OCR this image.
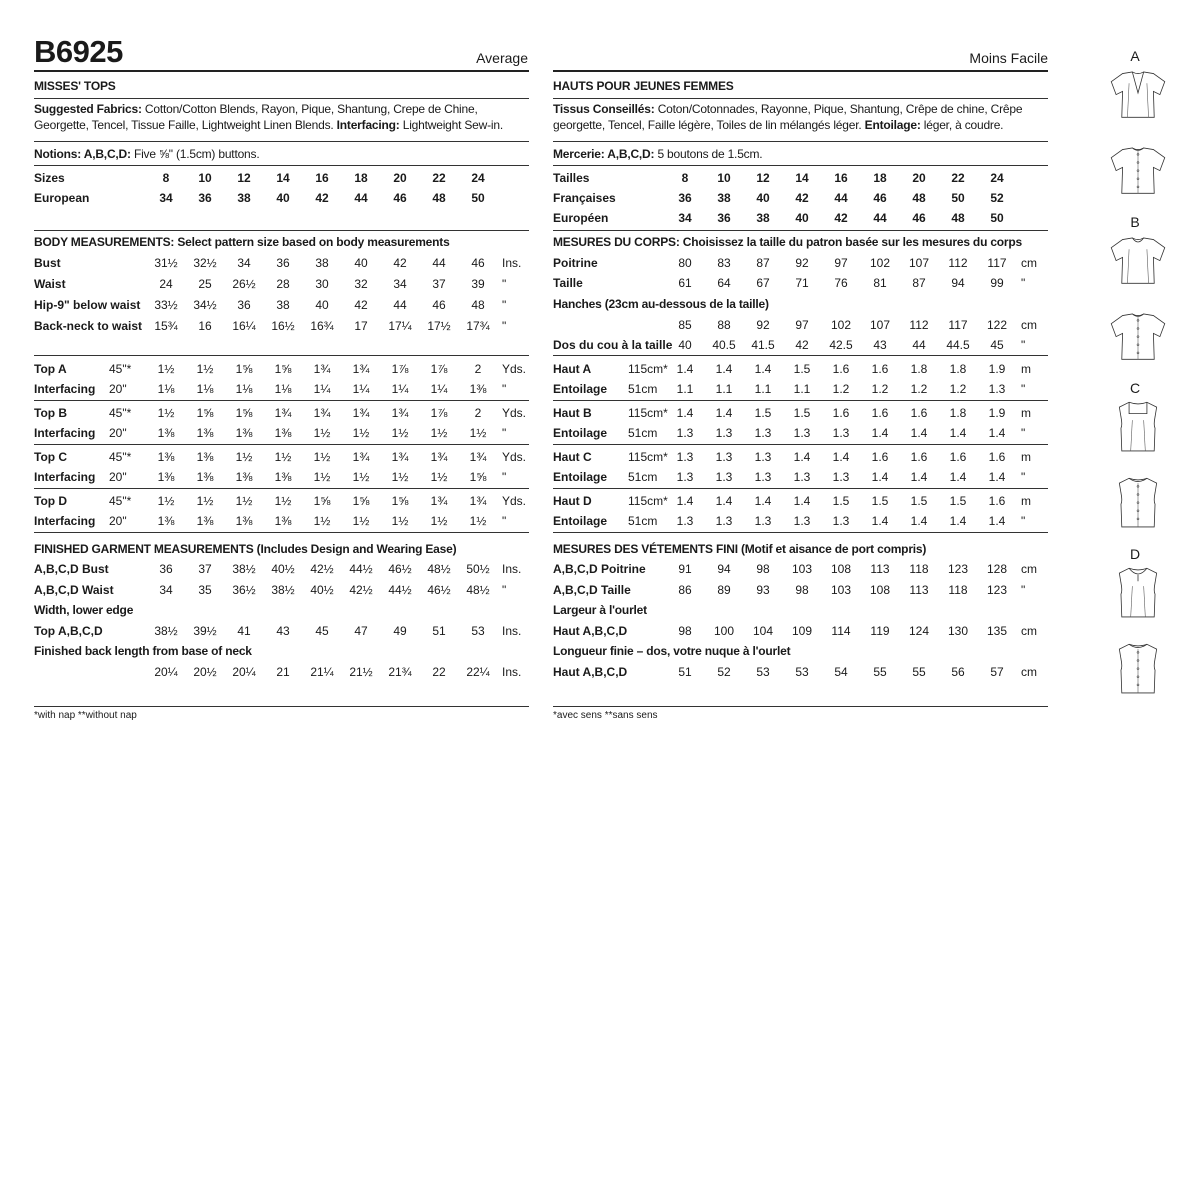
B6925	Average	Moins Facile
MISSES' TOPS
Suggested Fabrics: Cotton/Cotton Blends, Rayon, Pique, Shantung, Crepe de Chine, Georgette, Tencel, Tissue Faille, Lightweight Linen Blends. Interfacing: Lightweight Sew-in.
Notions: A,B,C,D: Five ⅝" (1.5cm) buttons.
Sizes	8	10	12	14	16	18	20	22	24
European	34	36	38	40	42	44	46	48	50
BODY MEASUREMENTS: Select pattern size based on body measurements
Bust	31½ 32½	34	36	38	40	42	44	46	Ins.
Waist	24	25	26½	28	30	32	34	37	39	"
Hip-9" below waist 33½ 34½	36	38	40	42	44	46	48	"
Back-neck to waist 15¾	16	16¼ 16½ 16¾	17	17¼ 17½ 17¾ "
Top A	45"*	1½	1½	1⅝	1⅝	1¾	1¾	1⅞	1⅞	2	Yds.
Interfacing 20"	1⅛	1⅛	1⅛	1⅛	1¼	1¼	1¼	1¼	1⅜	"
Top B	45"*	1½	1⅝	1⅝	1¾	1¾	1¾	1¾	1⅞	2	Yds.
Interfacing 20"	1⅜	1⅜	1⅜	1⅜	1½	1½	1½	1½	1½	"
Top C	45"*	1⅜	1⅜	1½	1½	1½	1¾	1¾	1¾	1¾	Yds.
Interfacing 20"	1⅜	1⅜	1⅜	1⅜	1½	1½	1½	1½	1⅝	"
Top D	45"*	1½	1½	1½	1½	1⅝	1⅝	1⅝	1¾	1¾	Yds.
Interfacing 20"	1⅜	1⅜	1⅜	1⅜	1½	1½	1½	1½	1½	"
FINISHED GARMENT MEASUREMENTS (Includes Design and Wearing Ease)
A,B,C,D Bust	36	37	38½ 40½ 42½ 44½ 46½ 48½ 50½ Ins.
A,B,C,D Waist	34	35	36½ 38½ 40½ 42½ 44½ 46½ 48½ "
Width, lower edge
Top A,B,C,D	38½ 39½	41	43	45	47	49	51	53	Ins.
Finished back length from base of neck
20¼ 20½ 20¼	21	21¼ 21½ 21¾	22	22¼ Ins.
*with nap **without nap
HAUTS POUR JEUNES FEMMES
Tissus Conseillés: Coton/Cotonnades, Rayonne, Pique, Shantung, Crêpe de chine, Crêpe georgette, Tencel, Faille légère, Toiles de lin mélangés léger. Entoilage: léger, à coudre.
Mercerie: A,B,C,D: 5 boutons de 1.5cm.
Tailles	8	10	12	14	16	18	20	22	24
Françaises	36	38	40	42	44	46	48	50	52
Européen	34	36	38	40	42	44	46	48	50
MESURES DU CORPS: Choisissez la taille du patron basée sur les mesures du corps
Poitrine	80	83	87	92	97	102	107	112	117	cm
Taille	61	64	67	71	76	81	87	94	99	"
Hanches (23cm au-dessous de la taille)
85	88	92	97	102	107	112	117	122	cm
Dos du cou à la taille 40	40.5 41.5	42	42.5	43	44	44.5	45	"
Haut A	115cm* 1.4	1.4	1.4	1.5	1.6	1.6	1.8	1.8	1.9	m
Entoilage 51cm	1.1	1.1	1.1	1.1	1.2	1.2	1.2	1.2	1.3	"
Haut B	115cm* 1.4	1.4	1.5	1.5	1.6	1.6	1.6	1.8	1.9	m
Entoilage 51cm	1.3	1.3	1.3	1.3	1.3	1.4	1.4	1.4	1.4	"
Haut C	115cm* 1.3	1.3	1.3	1.4	1.4	1.6	1.6	1.6	1.6	m
Entoilage 51cm	1.3	1.3	1.3	1.3	1.3	1.4	1.4	1.4	1.4	"
Haut D	115cm* 1.4	1.4	1.4	1.4	1.5	1.5	1.5	1.5	1.6	m
Entoilage 51cm	1.3	1.3	1.3	1.3	1.3	1.4	1.4	1.4	1.4	"
MESURES DES VÉTEMENTS FINI (Motif et aisance de port compris)
A,B,C,D Poitrine	91	94	98	103	108	113	118	123	128	cm
A,B,C,D Taille	86	89	93	98	103	108	113	118	123	"
Largeur à l'ourlet
Haut A,B,C,D	98	100	104	109	114	119	124	130	135	cm
Longueur finie – dos, votre nuque à l'ourlet
Haut A,B,C,D	51	52	53	53	54	55	55	56	57	cm
*avec sens **sans sens
A
B
C
D
